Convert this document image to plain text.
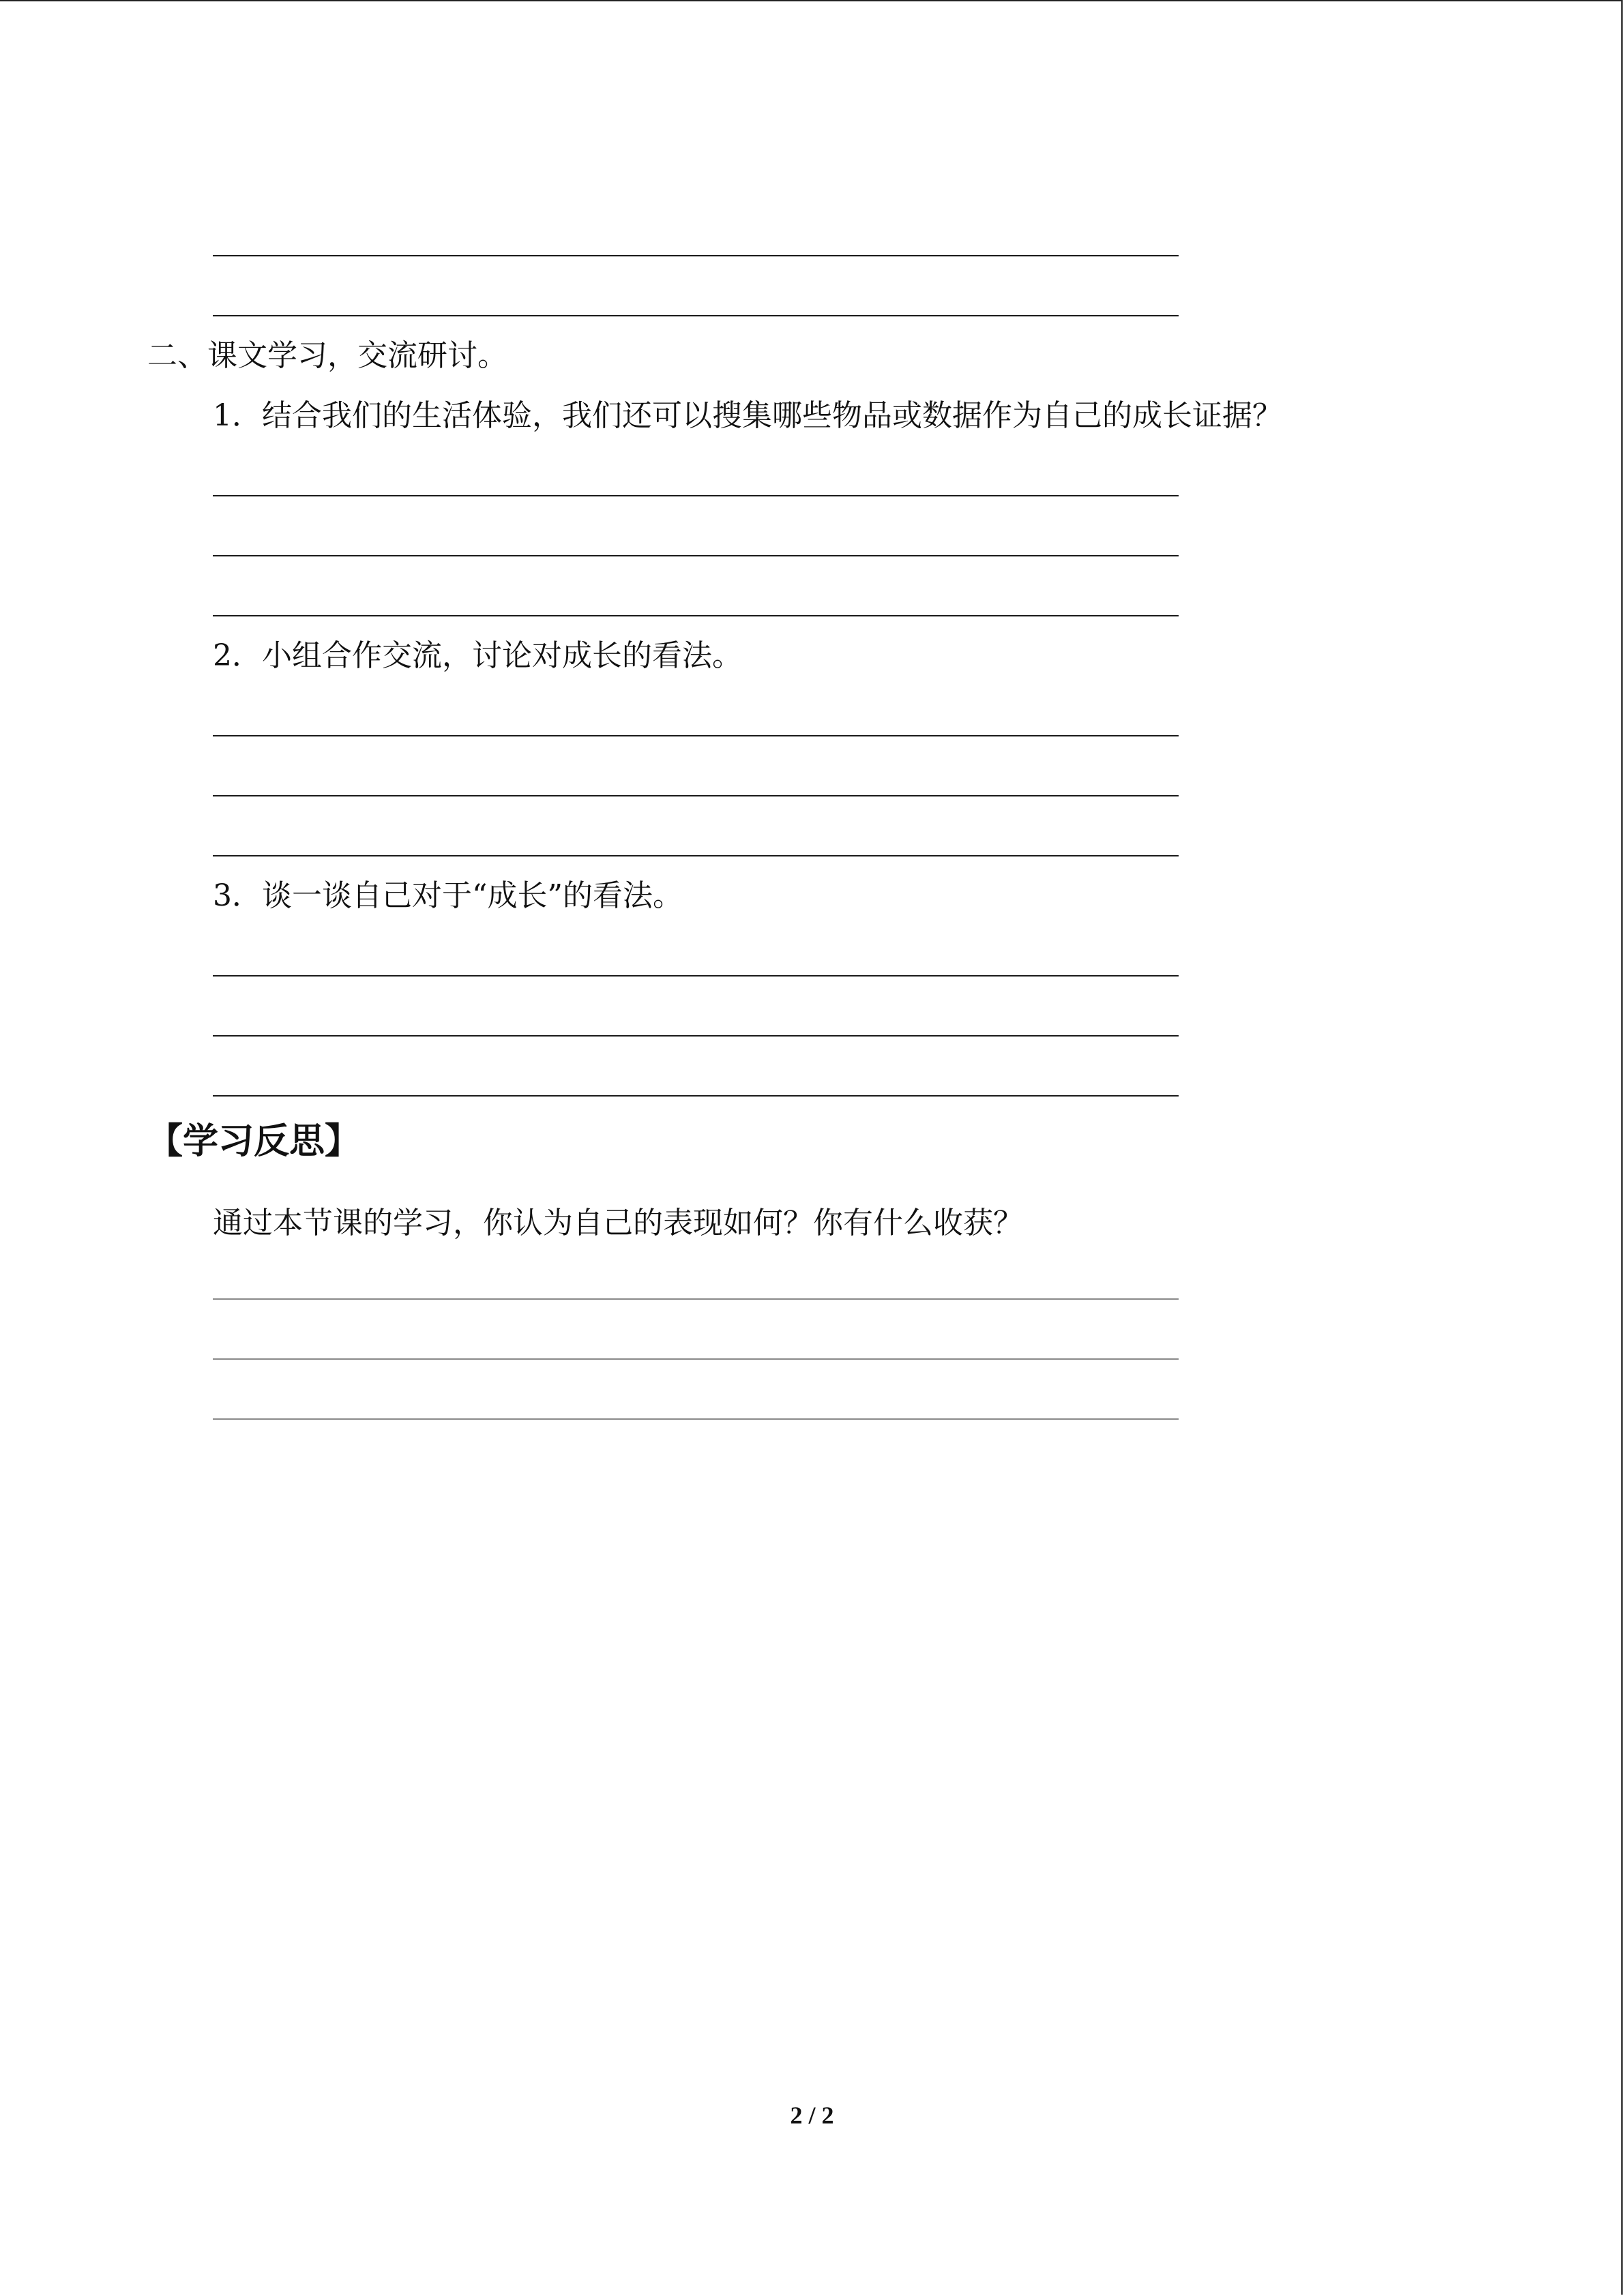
二、课文学习，交流研讨。
1．结合我们的生活体验，我们还可以搜集哪些物品或数据作为自己的成长证据？
2．小组合作交流，讨论对成长的看法。
3．谈一谈自己对于“成长”的看法。
【学习反思】
通过本节课的学习，你认为自己的表现如何？你有什么收获？
2 / 2
